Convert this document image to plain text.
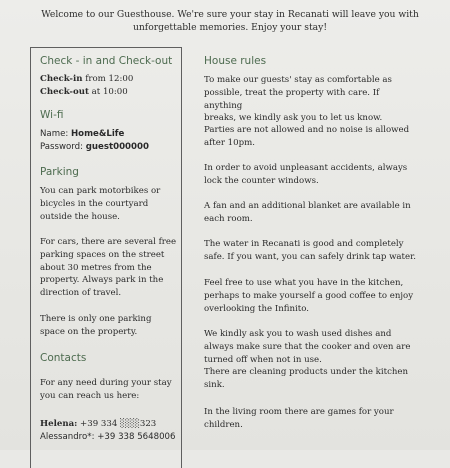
Welcome to our Guesthouse. We're sure your stay in Recanati will leave you with
unforgettable memories. Enjoy your stay!
Check - in and Check-out
Check-in from 12:00
Check-out at 10:00
Wi-fi
Name: Home&Life
Password: guest000000
Parking
You can park motorbikes or
bicycles in the courtyard
outside the house.
For cars, there are several free
parking spaces on the street
about 30 metres from the
property. Always park in the
direction of travel.
There is only one parking
space on the property.
Contacts
For any need during your stay
you can reach us here:
Helena: +39 334 ░░░323
Alessandro*: +39 338 5648006
House rules
To make our guests' stay as comfortable as
possible, treat the property with care. If anything
breaks, we kindly ask you to let us know.
Parties are not allowed and no noise is allowed
after 10pm.
In order to avoid unpleasant accidents, always
lock the counter windows.
A fan and an additional blanket are available in
each room.
The water in Recanati is good and completely
safe. If you want, you can safely drink tap water.
Feel free to use what you have in the kitchen,
perhaps to make yourself a good coffee to enjoy
overlooking the Infinito.
We kindly ask you to wash used dishes and
always make sure that the cooker and oven are
turned off when not in use.
There are cleaning products under the kitchen
sink.
In the living room there are games for your
children.
